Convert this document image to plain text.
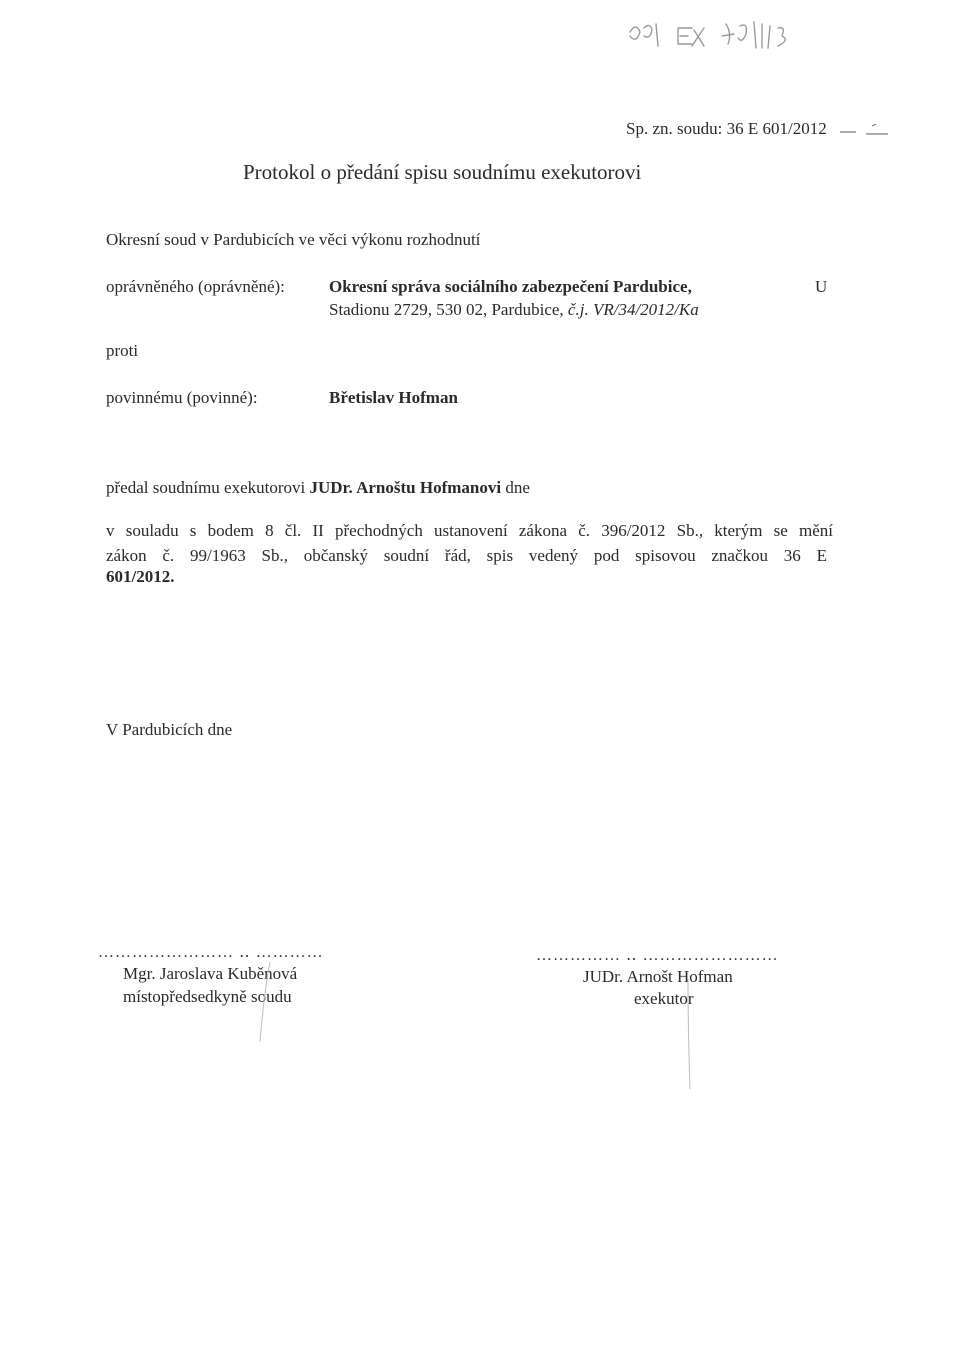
Sp. zn. soudu: 36 E 601/2012
Protokol o předání spisu soudnímu exekutorovi
Okresní soud v Pardubicích ve věci výkonu rozhodnutí
oprávněného (oprávněné):	Okresní správa sociálního zabezpečení Pardubice,	U
Stadionu 2729, 530 02, Pardubice, č.j. VR/34/2012/Ka
proti
povinnému (povinné):	Břetislav Hofman
předal soudnímu exekutorovi JUDr. Arnoštu Hofmanovi dne
v souladu s bodem 8 čl. II přechodných ustanovení zákona č. 396/2012 Sb., kterým se mění
zákon č. 99/1963 Sb., občanský soudní řád, spis vedený pod spisovou značkou 36 E
601/2012.
V Pardubicích dne
…………………… ‥ …………
Mgr. Jaroslava Kuběnová
místopředsedkyně soudu
…………… ‥ ……………………
JUDr. Arnošt Hofman
exekutor
